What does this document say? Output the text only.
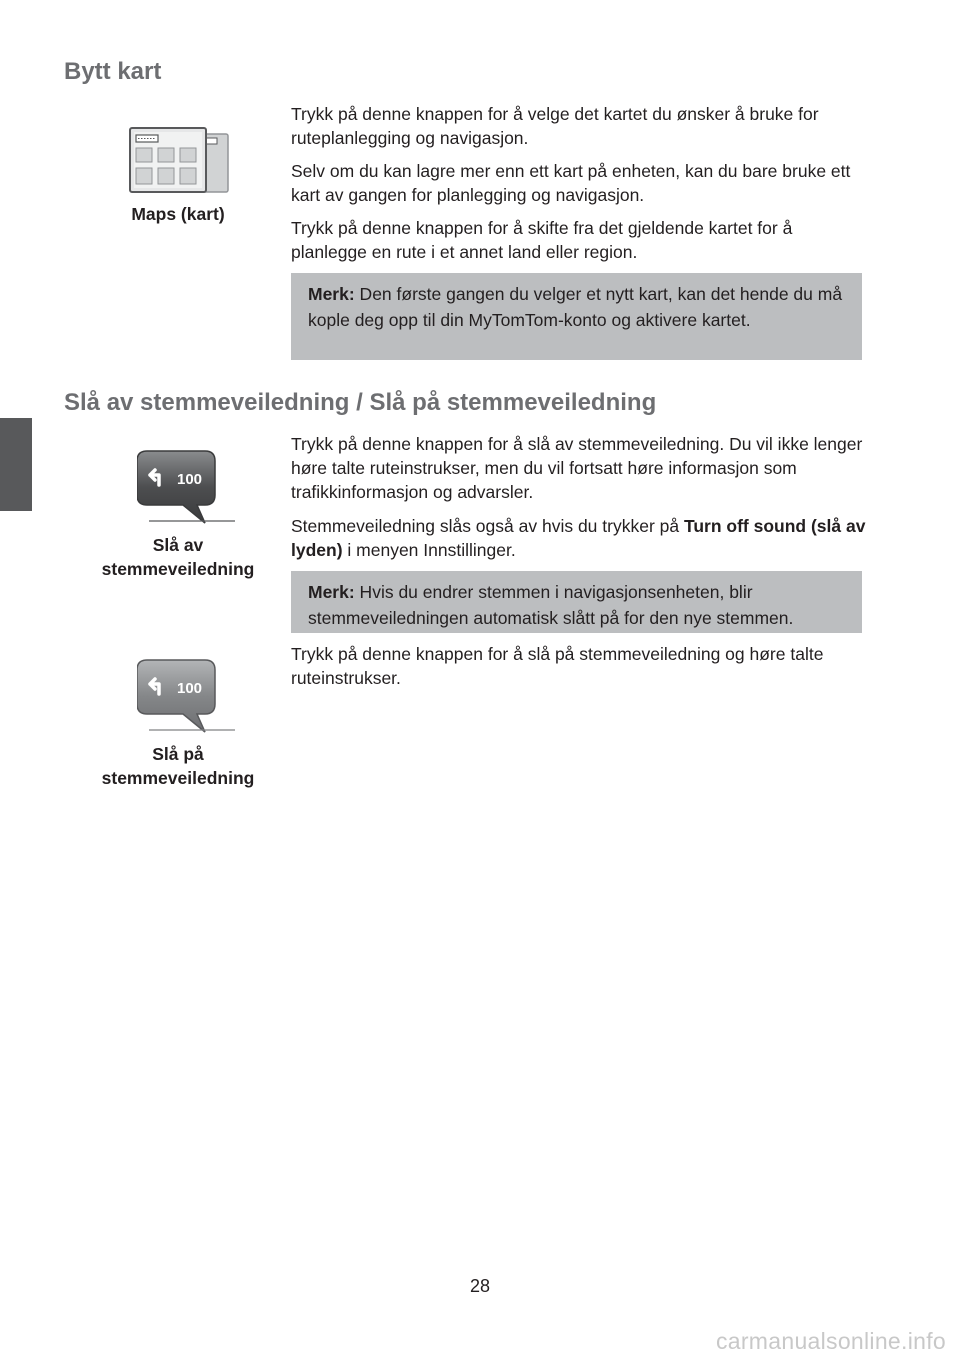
Bytt kart
Maps (kart)

Trykk på denne knappen for å velge det kartet du ønsker å bruke for ruteplanlegging og navigasjon.

Selv om du kan lagre mer enn ett kart på enheten, kan du bare bruke ett kart av gangen for planlegging og navigasjon.

Trykk på denne knappen for å skifte fra det gjeldende kartet for å planlegge en rute i et annet land eller region.

Merk: Den første gangen du velger et nytt kart, kan det hende du må kople deg opp til din MyTomTom-konto og aktivere kartet.
Slå av stemmeveiledning / Slå på stemmeveiledning
100
Slå av
stemmeveiledning

Trykk på denne knappen for å slå av stemmeveiledning. Du vil ikke lenger høre talte ruteinstrukser, men du vil fortsatt høre informasjon som trafikkinformasjon og advarsler.

Stemmeveiledning slås også av hvis du trykker på Turn off sound (slå av lyden) i menyen Innstillinger.

Merk: Hvis du endrer stemmen i navigasjonsenheten, blir stemmeveiledningen automatisk slått på for den nye stemmen.
100
Slå på
stemmeveiledning

Trykk på denne knappen for å slå på stemmeveiledning og høre talte ruteinstrukser.

28
carmanualsonline.info
